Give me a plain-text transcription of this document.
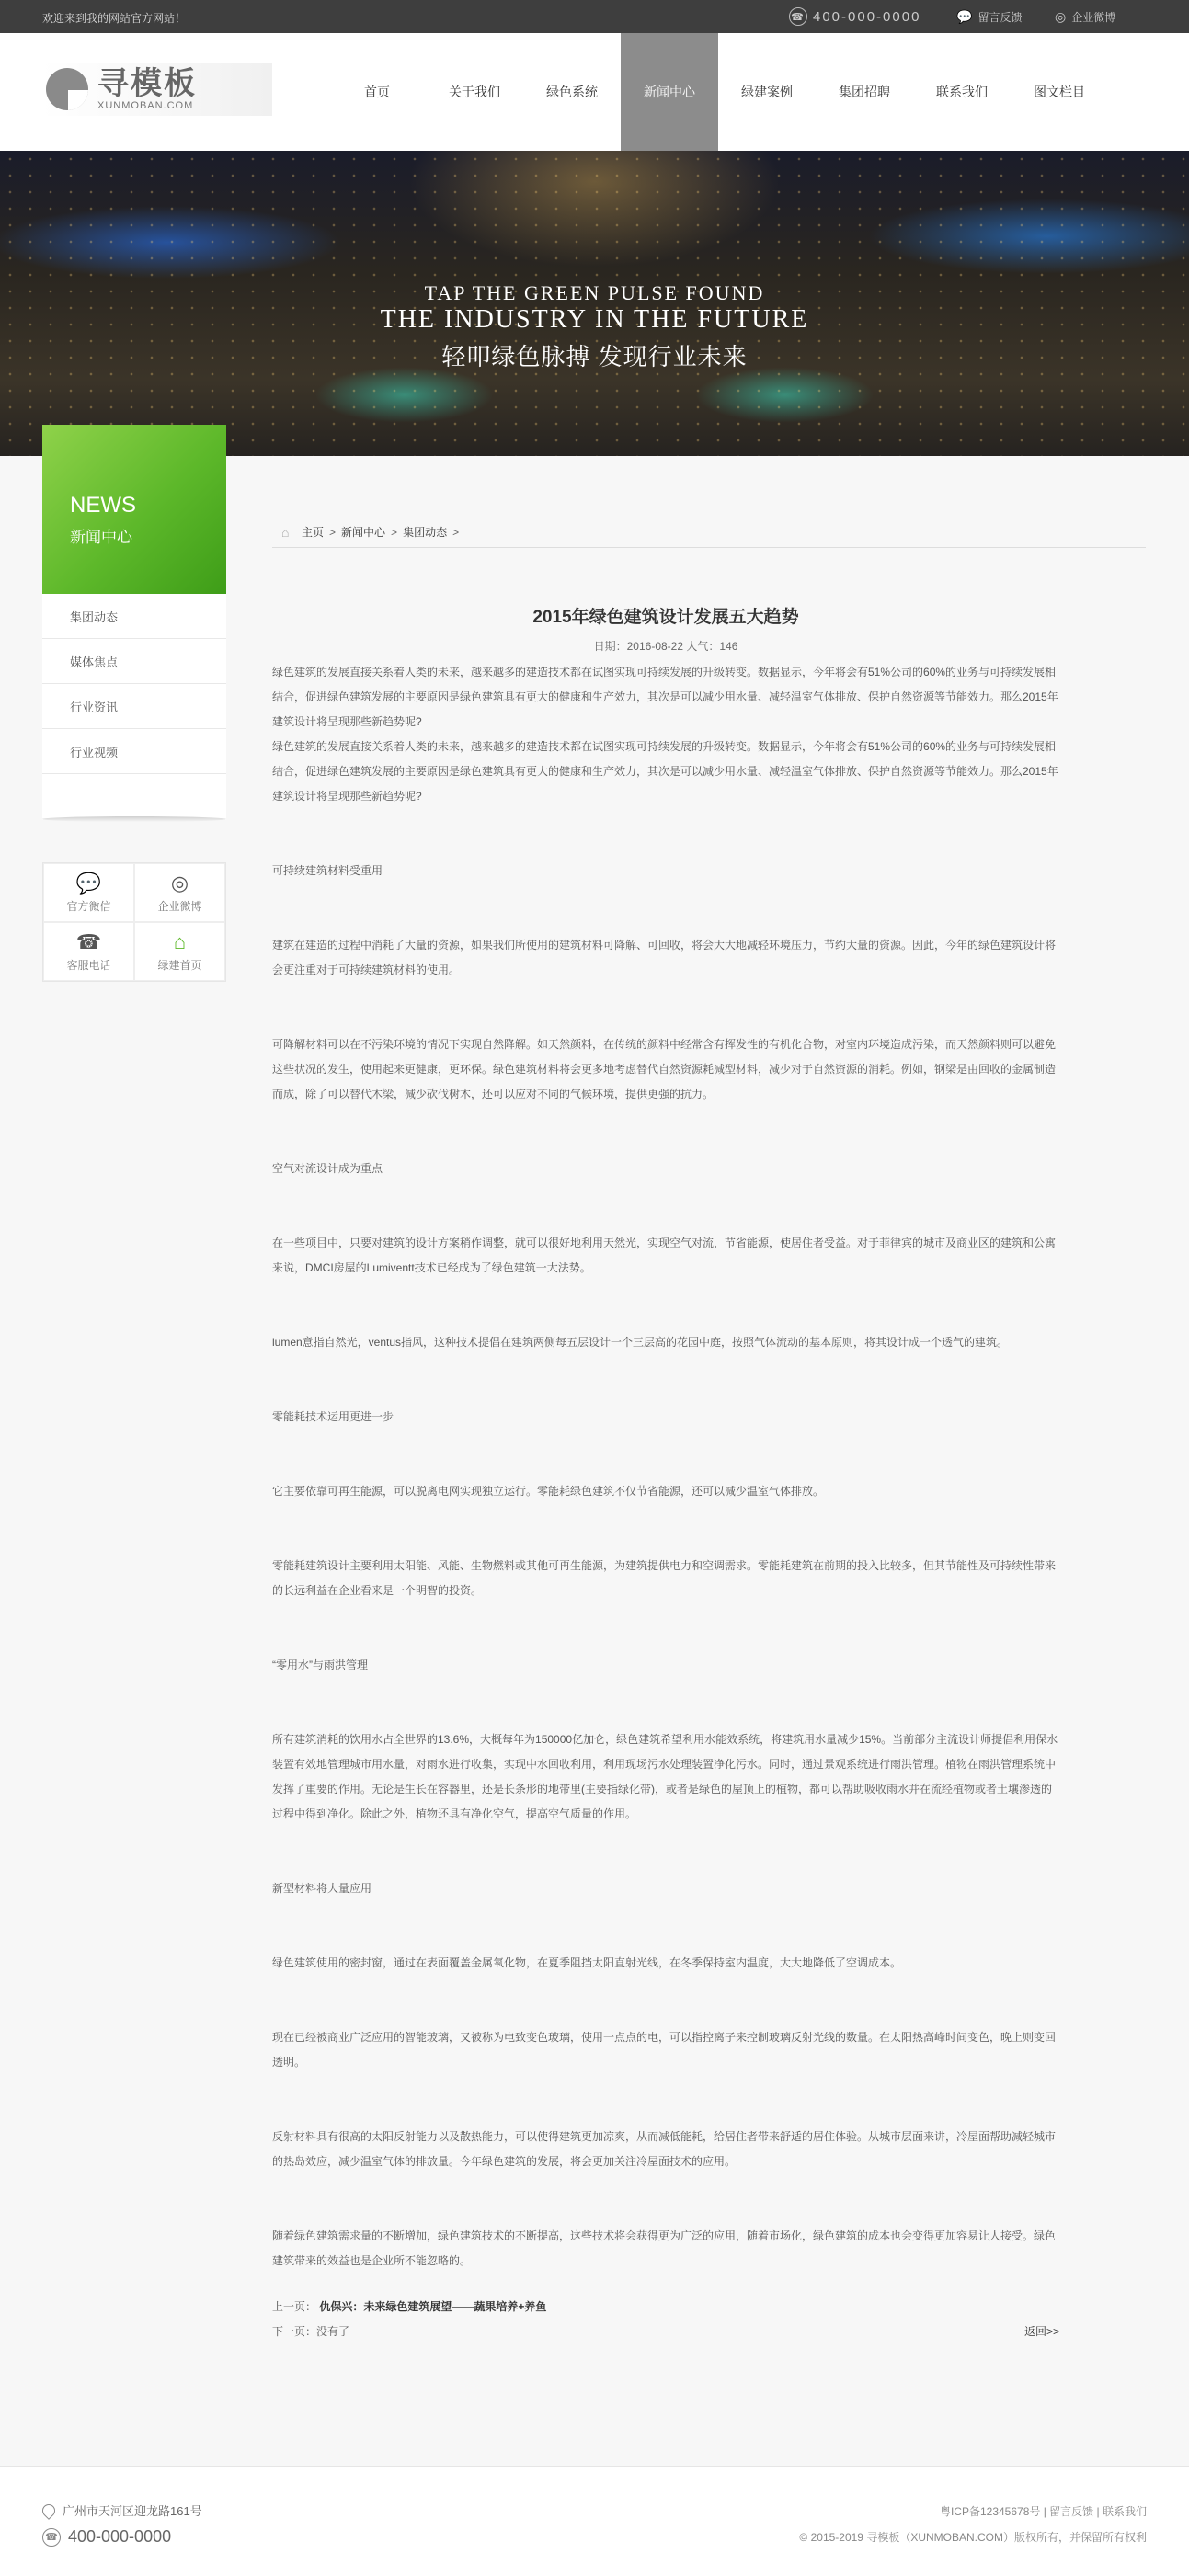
欢迎来到我的网站官方网站！	☎ 400-000-0000	💬 留言反馈	◎ 企业微博
寻模板
XUNMOBAN.COM
首页	关于我们	绿色系统	新闻中心	绿建案例	集团招聘	联系我们	图文栏目
TAP THE GREEN PULSE FOUND
THE INDUSTRY IN THE FUTURE
轻叩绿色脉搏 发现行业未来
NEWS
新闻中心
集团动态
媒体焦点
行业资讯
行业视频
💬
官方微信
◎
企业微博
☎
客服电话
⌂
绿建首页
⌂	主页 > 新闻中心 > 集团动态 >
2015年绿色建筑设计发展五大趋势
日期：2016-08-22 人气：146

绿色建筑的发展直接关系着人类的未来，越来越多的建造技术都在试图实现可持续发展的升级转变。数据显示，今年将会有51%公司的60%的业务与可持续发展相结合，促进绿色建筑发展的主要原因是绿色建筑具有更大的健康和生产效力，其次是可以减少用水量、减轻温室气体排放、保护自然资源等节能效力。那么2015年建筑设计将呈现那些新趋势呢?

绿色建筑的发展直接关系着人类的未来，越来越多的建造技术都在试图实现可持续发展的升级转变。数据显示，今年将会有51%公司的60%的业务与可持续发展相结合，促进绿色建筑发展的主要原因是绿色建筑具有更大的健康和生产效力，其次是可以减少用水量、减轻温室气体排放、保护自然资源等节能效力。那么2015年建筑设计将呈现那些新趋势呢?

可持续建筑材料受重用

建筑在建造的过程中消耗了大量的资源，如果我们所使用的建筑材料可降解、可回收，将会大大地减轻环境压力，节约大量的资源。因此，今年的绿色建筑设计将会更注重对于可持续建筑材料的使用。

可降解材料可以在不污染环境的情况下实现自然降解。如天然颜料，在传统的颜料中经常含有挥发性的有机化合物，对室内环境造成污染，而天然颜料则可以避免这些状况的发生，使用起来更健康，更环保。绿色建筑材料将会更多地考虑替代自然资源耗减型材料，减少对于自然资源的消耗。例如，钢梁是由回收的金属制造而成，除了可以替代木梁，减少砍伐树木，还可以应对不同的气候环境，提供更强的抗力。

空气对流设计成为重点

在一些项目中，只要对建筑的设计方案稍作调整，就可以很好地利用天然光，实现空气对流，节省能源，使居住者受益。对于菲律宾的城市及商业区的建筑和公寓来说，DMCI房屋的Lumiventt技术已经成为了绿色建筑一大法势。

lumen意指自然光，ventus指风，这种技术提倡在建筑两侧每五层设计一个三层高的花园中庭，按照气体流动的基本原则，将其设计成一个透气的建筑。

零能耗技术运用更进一步

它主要依靠可再生能源，可以脱离电网实现独立运行。零能耗绿色建筑不仅节省能源，还可以减少温室气体排放。

零能耗建筑设计主要利用太阳能、风能、生物燃料或其他可再生能源，为建筑提供电力和空调需求。零能耗建筑在前期的投入比较多，但其节能性及可持续性带来的长远利益在企业看来是一个明智的投资。

“零用水”与雨洪管理

所有建筑消耗的饮用水占全世界的13.6%，大概每年为150000亿加仑，绿色建筑希望利用水能效系统，将建筑用水量减少15%。当前部分主流设计师提倡利用保水装置有效地管理城市用水量，对雨水进行收集，实现中水回收利用，利用现场污水处理装置净化污水。同时，通过景观系统进行雨洪管理。植物在雨洪管理系统中发挥了重要的作用。无论是生长在容器里，还是长条形的地带里(主要指绿化带)，或者是绿色的屋顶上的植物，都可以帮助吸收雨水并在流经植物或者土壤渗透的过程中得到净化。除此之外，植物还具有净化空气，提高空气质量的作用。

新型材料将大量应用

绿色建筑使用的密封窗，通过在表面覆盖金属氧化物，在夏季阻挡太阳直射光线，在冬季保持室内温度，大大地降低了空调成本。

现在已经被商业广泛应用的智能玻璃，又被称为电致变色玻璃，使用一点点的电，可以指控离子来控制玻璃反射光线的数量。在太阳热高峰时间变色，晚上则变回透明。

反射材料具有很高的太阳反射能力以及散热能力，可以使得建筑更加凉爽，从而减低能耗，给居住者带来舒适的居住体验。从城市层面来讲，冷屋面帮助减轻城市的热岛效应，减少温室气体的排放量。今年绿色建筑的发展，将会更加关注冷屋面技术的应用。

随着绿色建筑需求量的不断增加，绿色建筑技术的不断提高，这些技术将会获得更为广泛的应用，随着市场化，绿色建筑的成本也会变得更加容易让人接受。绿色建筑带来的效益也是企业所不能忽略的。

上一页： 仇保兴：未来绿色建筑展望——蔬果培养+养鱼
下一页：没有了	返回>>
广州市天河区迎龙路161号
☎ 400-000-0000
粤ICP备12345678号 | 留言反馈 | 联系我们
© 2015-2019 寻模板（XUNMOBAN.COM）版权所有，并保留所有权利
